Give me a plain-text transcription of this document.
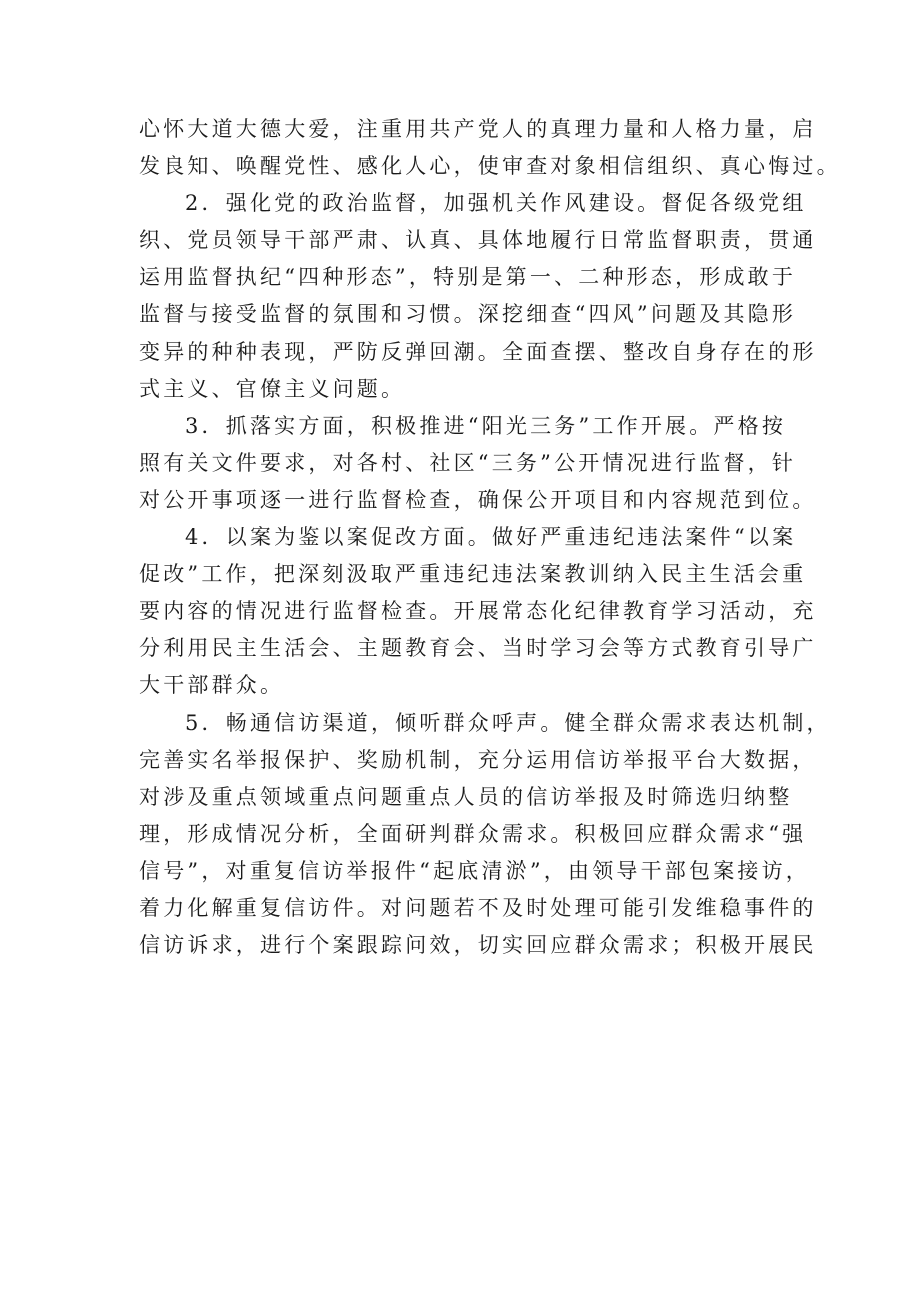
心怀大道大德大爱，注重用共产党人的真理力量和人格力量，启
发良知、唤醒党性、感化人心，使审查对象相信组织、真心悔过。
2．强化党的政治监督，加强机关作风建设。督促各级党组
织、党员领导干部严肃、认真、具体地履行日常监督职责，贯通
运用监督执纪“四种形态”，特别是第一、二种形态，形成敢于
监督与接受监督的氛围和习惯。深挖细查“四风”问题及其隐形
变异的种种表现，严防反弹回潮。全面查摆、整改自身存在的形
式主义、官僚主义问题。
3．抓落实方面，积极推进“阳光三务”工作开展。严格按
照有关文件要求，对各村、社区“三务”公开情况进行监督，针
对公开事项逐一进行监督检查，确保公开项目和内容规范到位。
4．以案为鉴以案促改方面。做好严重违纪违法案件“以案
促改”工作，把深刻汲取严重违纪违法案教训纳入民主生活会重
要内容的情况进行监督检查。开展常态化纪律教育学习活动，充
分利用民主生活会、主题教育会、当时学习会等方式教育引导广
大干部群众。
5．畅通信访渠道，倾听群众呼声。健全群众需求表达机制，
完善实名举报保护、奖励机制，充分运用信访举报平台大数据，
对涉及重点领域重点问题重点人员的信访举报及时筛选归纳整
理，形成情况分析，全面研判群众需求。积极回应群众需求“强
信号”，对重复信访举报件“起底清淤”，由领导干部包案接访，
着力化解重复信访件。对问题若不及时处理可能引发维稳事件的
信访诉求，进行个案跟踪问效，切实回应群众需求；积极开展民
